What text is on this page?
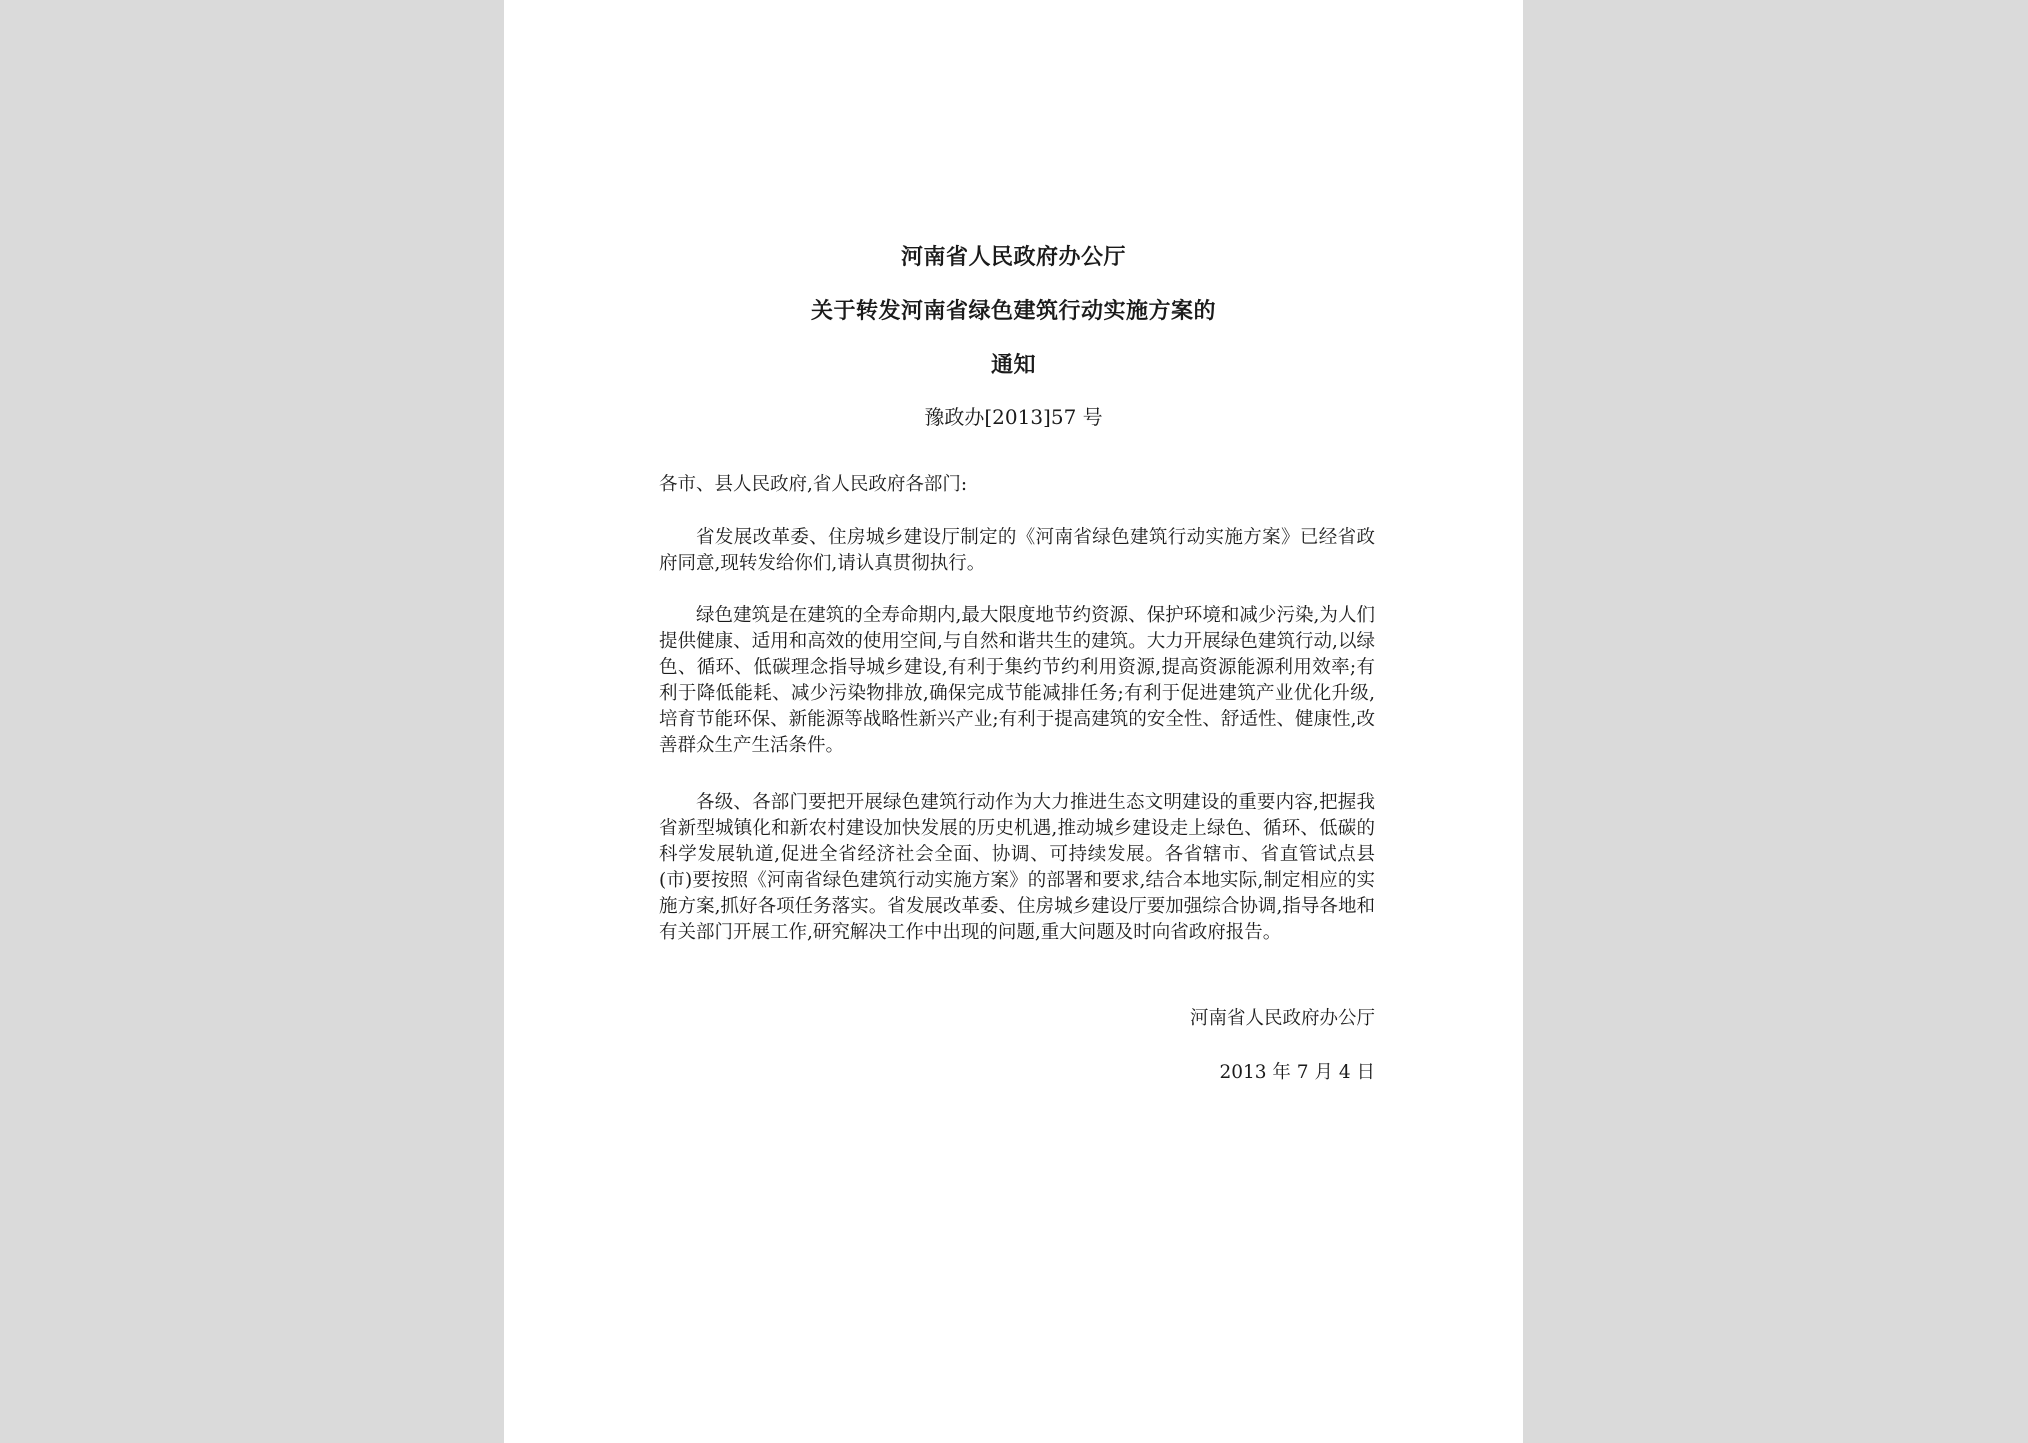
河南省人民政府办公厅
关于转发河南省绿色建筑行动实施方案的
通知
豫政办[2013]57 号
各市、县人民政府,省人民政府各部门:

省发展改革委、住房城乡建设厅制定的《河南省绿色建筑行动实施方案》已经省政府同意,现转发给你们,请认真贯彻执行。

绿色建筑是在建筑的全寿命期内,最大限度地节约资源、保护环境和减少污染,为人们提供健康、适用和高效的使用空间,与自然和谐共生的建筑。大力开展绿色建筑行动,以绿色、循环、低碳理念指导城乡建设,有利于集约节约利用资源,提高资源能源利用效率;有利于降低能耗、减少污染物排放,确保完成节能减排任务;有利于促进建筑产业优化升级,培育节能环保、新能源等战略性新兴产业;有利于提高建筑的安全性、舒适性、健康性,改善群众生产生活条件。

各级、各部门要把开展绿色建筑行动作为大力推进生态文明建设的重要内容,把握我省新型城镇化和新农村建设加快发展的历史机遇,推动城乡建设走上绿色、循环、低碳的科学发展轨道,促进全省经济社会全面、协调、可持续发展。各省辖市、省直管试点县(市)要按照《河南省绿色建筑行动实施方案》的部署和要求,结合本地实际,制定相应的实施方案,抓好各项任务落实。省发展改革委、住房城乡建设厅要加强综合协调,指导各地和有关部门开展工作,研究解决工作中出现的问题,重大问题及时向省政府报告。

河南省人民政府办公厅
2013 年 7 月 4 日
